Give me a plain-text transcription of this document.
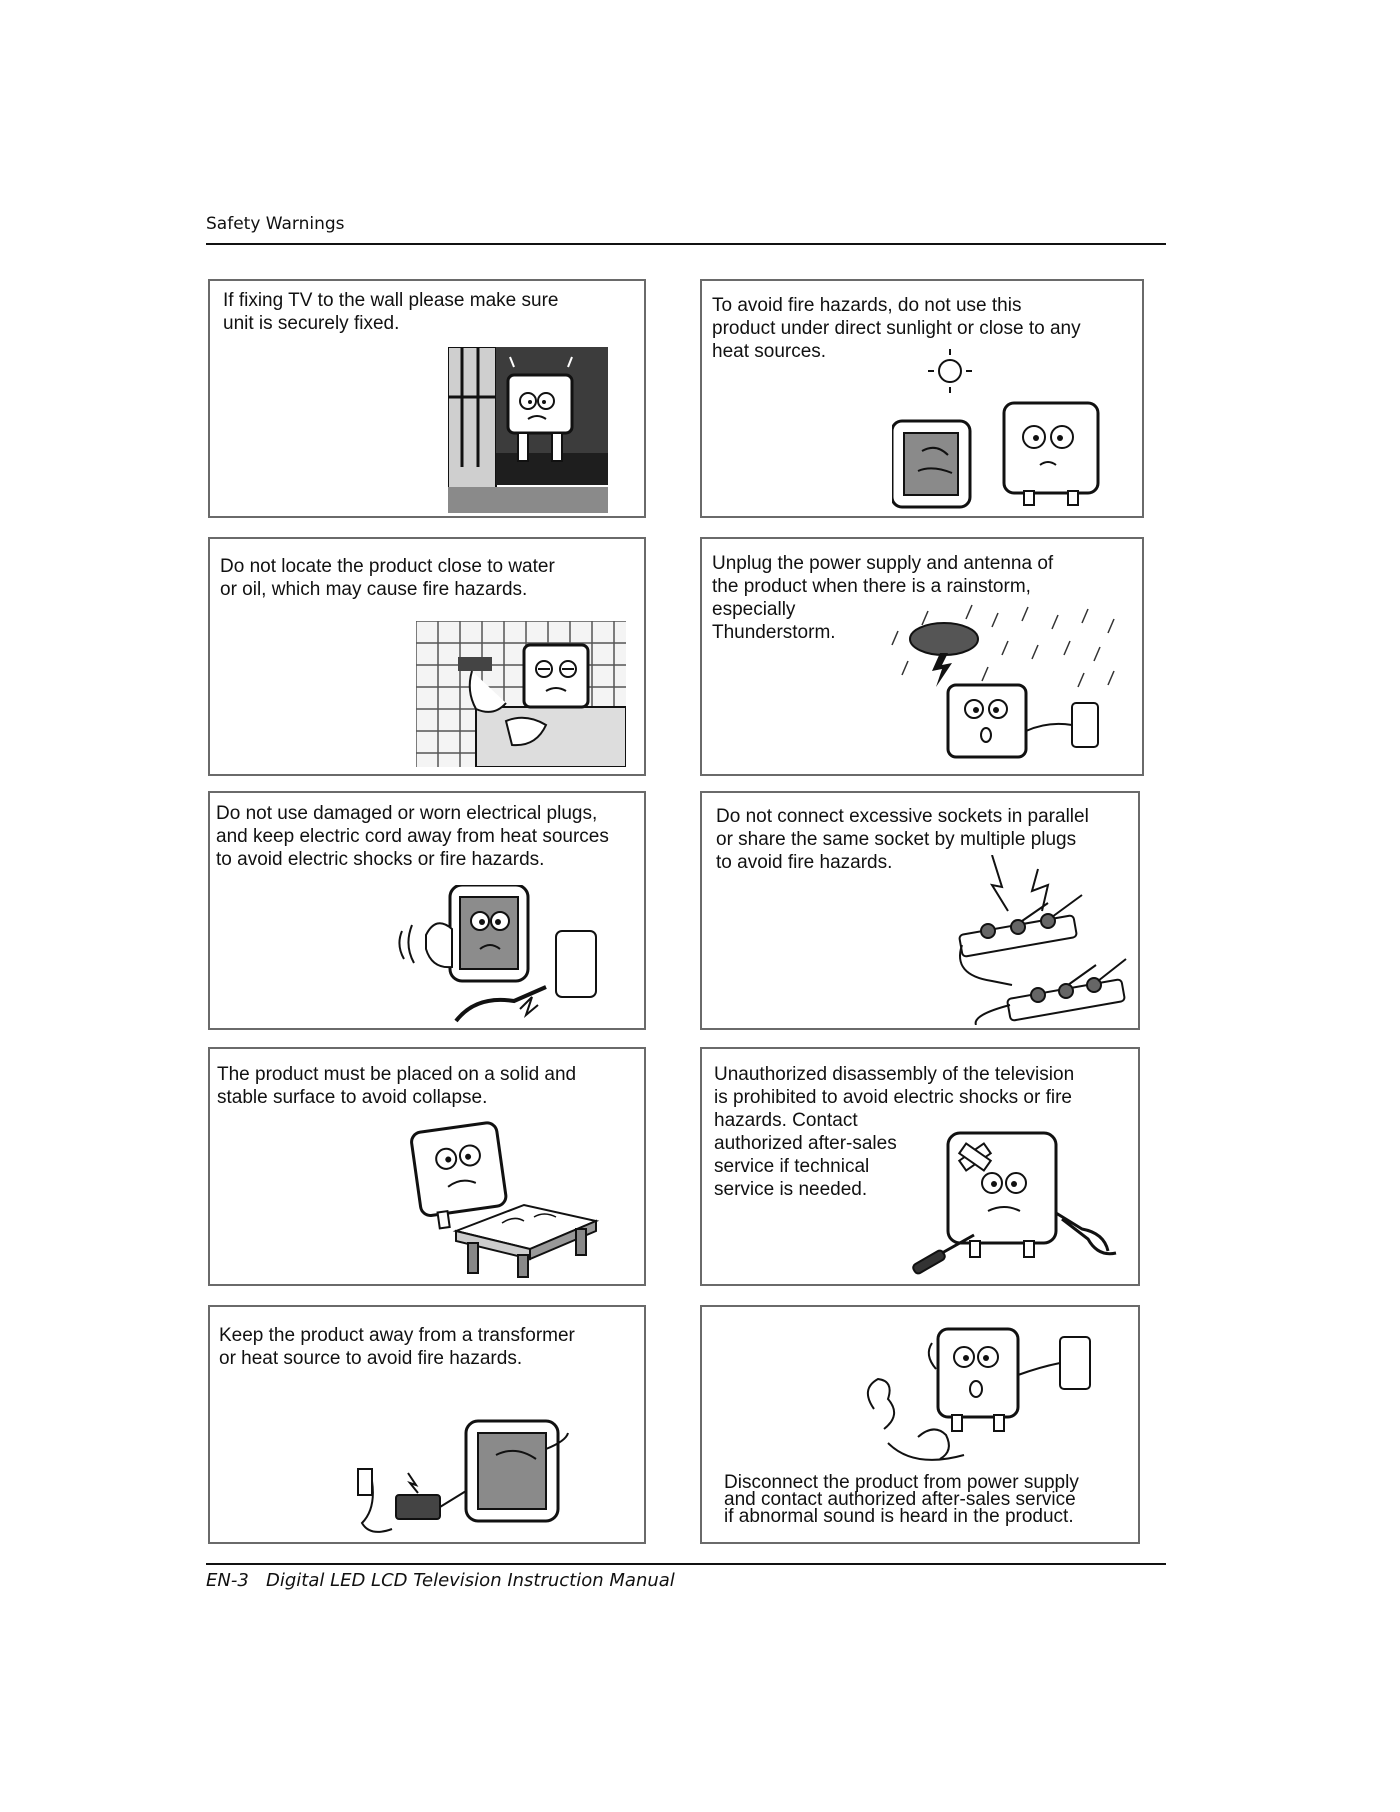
Safety Warnings
If fixing TV to the wall please make sure
unit is securely fixed.
To avoid fire hazards, do not use this
product under direct sunlight or close to any
heat sources.
Do not locate the product close to water
or oil, which may cause fire hazards.
Unplug the power supply and antenna of
the product when there is a rainstorm,
especially
Thunderstorm.
Do not use damaged or worn electrical plugs,
and keep electric cord away from heat sources
to avoid electric shocks or fire hazards.
Do not connect excessive sockets in parallel
or share the same socket by multiple plugs
to avoid fire hazards.
The product must be placed on a solid and
stable surface to avoid collapse.
Unauthorized disassembly of the television
is prohibited to avoid electric shocks or fire
hazards. Contact
authorized after-sales
service if technical
service is needed.
Keep the product away from a transformer
or heat source to avoid fire hazards.
Disconnect the product from power supply
and contact authorized after-sales service
if abnormal sound is heard in the product.
EN-3 Digital LED LCD Television Instruction Manual
